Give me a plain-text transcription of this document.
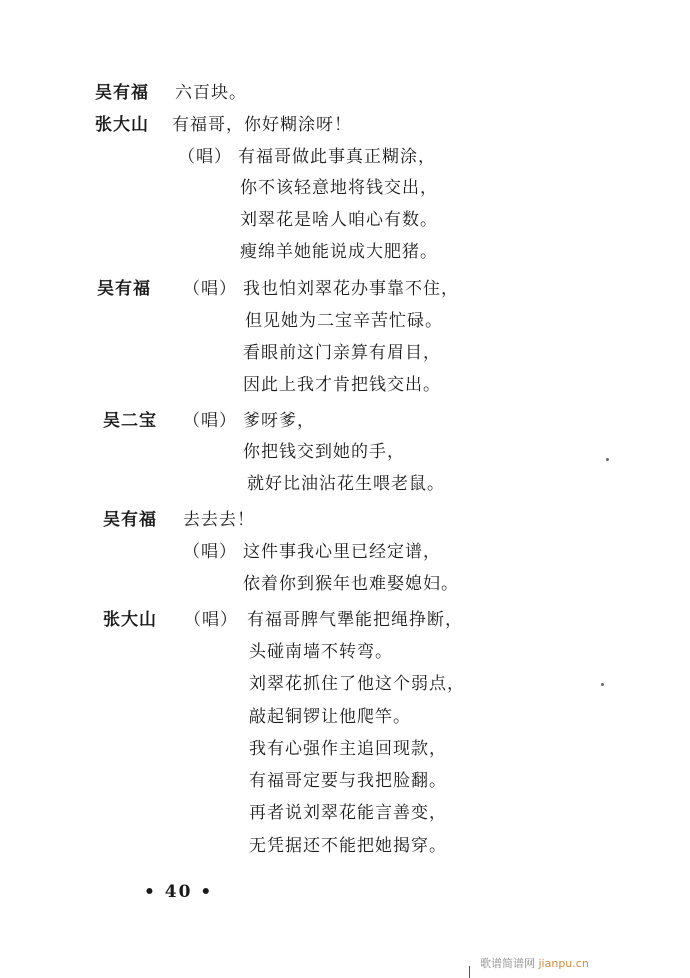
吴有福 六百块。
张大山 有福哥，你好糊涂呀！
（唱） 有福哥做此事真正糊涂，
你不该轻意地将钱交出，
刘翠花是啥人咱心有数。
瘦绵羊她能说成大肥猪。
吴有福 （唱） 我也怕刘翠花办事靠不住，
但见她为二宝辛苦忙碌。
看眼前这门亲算有眉目，
因此上我才肯把钱交出。
吴二宝 （唱） 爹呀爹，
你把钱交到她的手，
就好比油沾花生喂老鼠。
吴有福 去去去！
（唱） 这件事我心里已经定谱，
依着你到猴年也难娶媳妇。
张大山 （唱） 有福哥脾气犟能把绳挣断，
头碰南墙不转弯。
刘翠花抓住了他这个弱点，
敲起铜锣让他爬竿。
我有心强作主追回现款，
有福哥定要与我把脸翻。
再者说刘翠花能言善变，
无凭据还不能把她揭穿。
• 40 •
歌谱简谱网 jianpu.cn
